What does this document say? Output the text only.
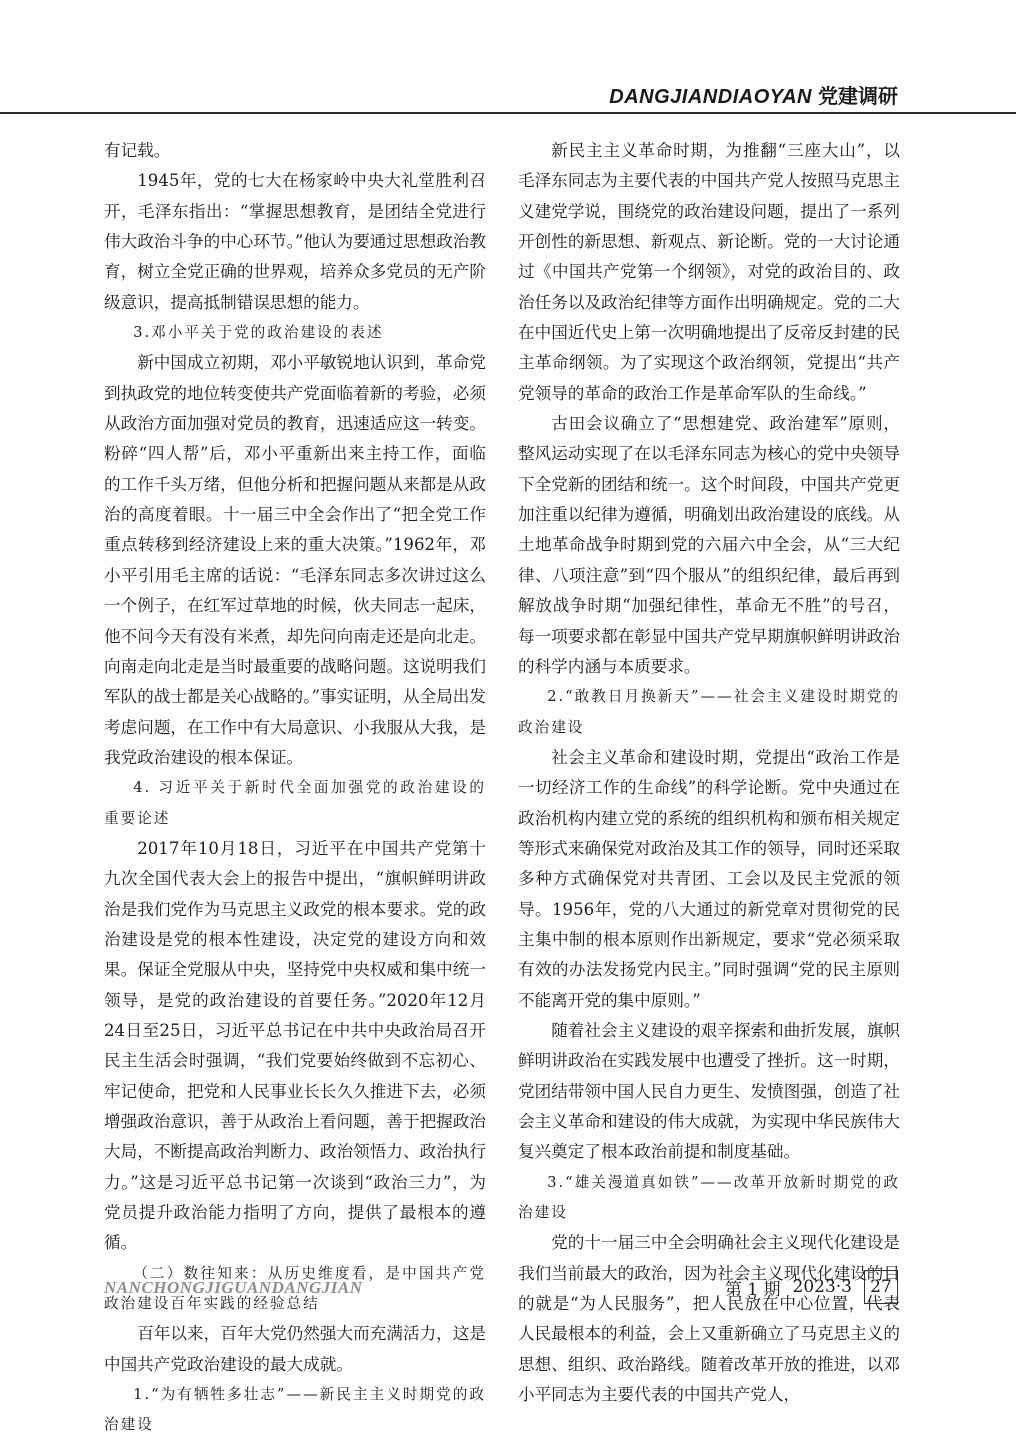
DANGJIANDIAOYAN 党建调研

有记载。

1945年，党的七大在杨家岭中央大礼堂胜利召开，毛泽东指出：“掌握思想教育，是团结全党进行伟大政治斗争的中心环节。”他认为要通过思想政治教育，树立全党正确的世界观，培养众多党员的无产阶级意识，提高抵制错误思想的能力。

3.邓小平关于党的政治建设的表述

新中国成立初期，邓小平敏锐地认识到，革命党到执政党的地位转变使共产党面临着新的考验，必须从政治方面加强对党员的教育，迅速适应这一转变。粉碎“四人帮”后，邓小平重新出来主持工作，面临的工作千头万绪，但他分析和把握问题从来都是从政治的高度着眼。十一届三中全会作出了“把全党工作重点转移到经济建设上来的重大决策。”1962年，邓小平引用毛主席的话说：“毛泽东同志多次讲过这么一个例子，在红军过草地的时候，伙夫同志一起床，他不问今天有没有米煮，却先问向南走还是向北走。向南走向北走是当时最重要的战略问题。这说明我们军队的战士都是关心战略的。”事实证明，从全局出发考虑问题，在工作中有大局意识、小我服从大我，是我党政治建设的根本保证。

4. 习近平关于新时代全面加强党的政治建设的重要论述

2017年10月18日，习近平在中国共产党第十九次全国代表大会上的报告中提出，“旗帜鲜明讲政治是我们党作为马克思主义政党的根本要求。党的政治建设是党的根本性建设，决定党的建设方向和效果。保证全党服从中央，坚持党中央权威和集中统一领导，是党的政治建设的首要任务。”2020年12月24日至25日，习近平总书记在中共中央政治局召开民主生活会时强调，“我们党要始终做到不忘初心、牢记使命，把党和人民事业长长久久推进下去，必须增强政治意识，善于从政治上看问题，善于把握政治大局，不断提高政治判断力、政治领悟力、政治执行力。”这是习近平总书记第一次谈到“政治三力”，为党员提升政治能力指明了方向，提供了最根本的遵循。

（二）数往知来：从历史维度看，是中国共产党政治建设百年实践的经验总结

百年以来，百年大党仍然强大而充满活力，这是中国共产党政治建设的最大成就。

1.“为有牺牲多壮志”——新民主主义时期党的政治建设

新民主主义革命时期，为推翻“三座大山”，以毛泽东同志为主要代表的中国共产党人按照马克思主义建党学说，围绕党的政治建设问题，提出了一系列开创性的新思想、新观点、新论断。党的一大讨论通过《中国共产党第一个纲领》，对党的政治目的、政治任务以及政治纪律等方面作出明确规定。党的二大在中国近代史上第一次明确地提出了反帝反封建的民主革命纲领。为了实现这个政治纲领，党提出“共产党领导的革命的政治工作是革命军队的生命线。”

古田会议确立了“思想建党、政治建军”原则，整风运动实现了在以毛泽东同志为核心的党中央领导下全党新的团结和统一。这个时间段，中国共产党更加注重以纪律为遵循，明确划出政治建设的底线。从土地革命战争时期到党的六届六中全会，从“三大纪律、八项注意”到“四个服从”的组织纪律，最后再到解放战争时期“加强纪律性，革命无不胜”的号召，每一项要求都在彰显中国共产党早期旗帜鲜明讲政治的科学内涵与本质要求。

2.“敢教日月换新天”——社会主义建设时期党的政治建设

社会主义革命和建设时期，党提出“政治工作是一切经济工作的生命线”的科学论断。党中央通过在政治机构内建立党的系统的组织机构和颁布相关规定等形式来确保党对政治及其工作的领导，同时还采取多种方式确保党对共青团、工会以及民主党派的领导。1956年，党的八大通过的新党章对贯彻党的民主集中制的根本原则作出新规定，要求“党必须采取有效的办法发扬党内民主。”同时强调“党的民主原则不能离开党的集中原则。”

随着社会主义建设的艰辛探索和曲折发展，旗帜鲜明讲政治在实践发展中也遭受了挫折。这一时期，党团结带领中国人民自力更生、发愤图强，创造了社会主义革命和建设的伟大成就，为实现中华民族伟大复兴奠定了根本政治前提和制度基础。

3.“雄关漫道真如铁”——改革开放新时期党的政治建设

党的十一届三中全会明确社会主义现代化建设是我们当前最大的政治，因为社会主义现代化建设的目的就是“为人民服务”，把人民放在中心位置，代表人民最根本的利益，会上又重新确立了马克思主义的思想、组织、政治路线。随着改革开放的推进，以邓小平同志为主要代表的中国共产党人，

NANCHONGJIGUANDANGJIAN	第 1 期 2023·3	27
